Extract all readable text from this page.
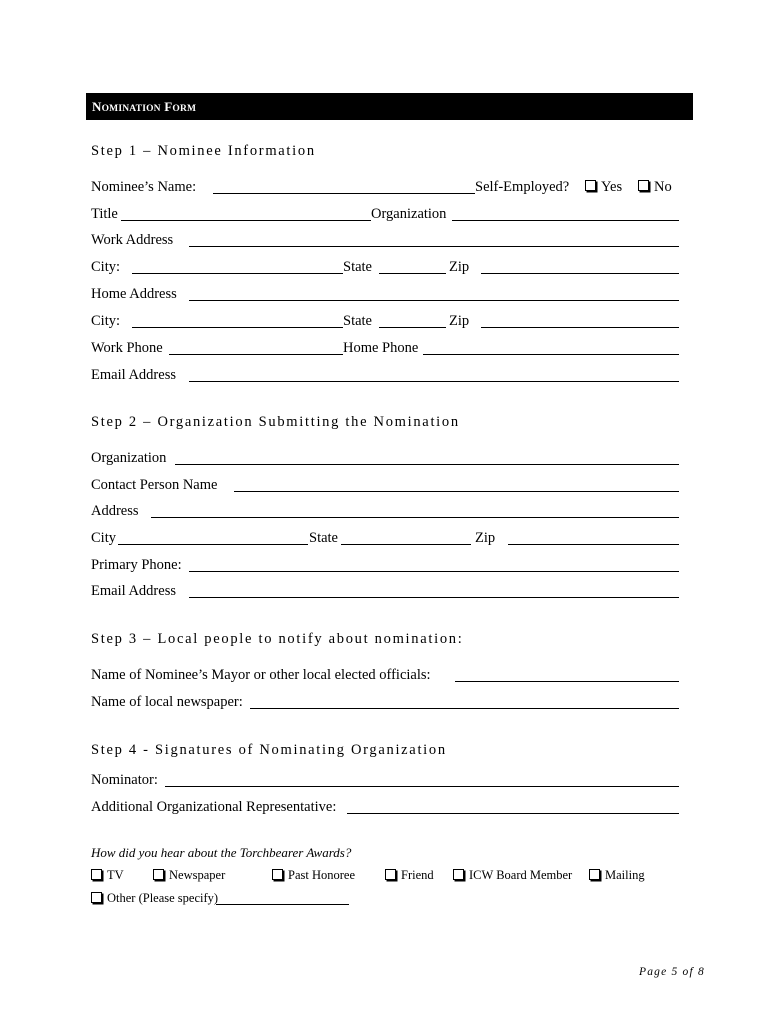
NOMINATION FORM
Step 1 – Nominee Information
Nominee’s Name:	Self-Employed?	Yes	No
Title	Organization
Work Address
City:	State	Zip
Home Address
City:	State	Zip
Work Phone	Home Phone
Email Address
Step 2 – Organization Submitting the Nomination
Organization
Contact Person Name
Address
City	State	Zip
Primary Phone:
Email Address
Step 3 – Local people to notify about nomination:
Name of Nominee’s Mayor or other local elected officials:
Name of local newspaper:
Step 4 - Signatures of Nominating Organization
Nominator:
Additional Organizational Representative:
How did you hear about the Torchbearer Awards?
TV	Newspaper	Past Honoree	Friend	ICW Board Member	Mailing
Other (Please specify)
Page 5 of 8
